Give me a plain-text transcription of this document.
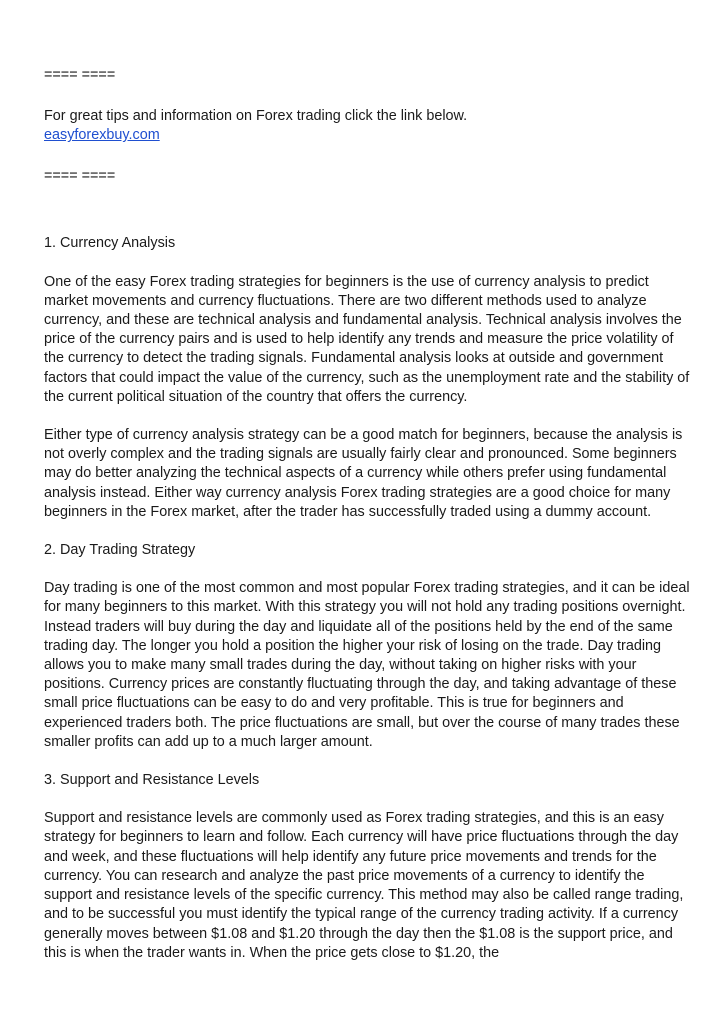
==== ====

For great tips and information on Forex trading click the link below.

easyforexbuy.com

==== ====

1. Currency Analysis

One of the easy Forex trading strategies for beginners is the use of currency analysis to predict market movements and currency fluctuations. There are two different methods used to analyze currency, and these are technical analysis and fundamental analysis. Technical analysis involves the price of the currency pairs and is used to help identify any trends and measure the price volatility of the currency to detect the trading signals. Fundamental analysis looks at outside and government factors that could impact the value of the currency, such as the unemployment rate and the stability of the current political situation of the country that offers the currency.

Either type of currency analysis strategy can be a good match for beginners, because the analysis is not overly complex and the trading signals are usually fairly clear and pronounced. Some beginners may do better analyzing the technical aspects of a currency while others prefer using fundamental analysis instead. Either way currency analysis Forex trading strategies are a good choice for many beginners in the Forex market, after the trader has successfully traded using a dummy account.

2. Day Trading Strategy

Day trading is one of the most common and most popular Forex trading strategies, and it can be ideal for many beginners to this market. With this strategy you will not hold any trading positions overnight. Instead traders will buy during the day and liquidate all of the positions held by the end of the same trading day. The longer you hold a position the higher your risk of losing on the trade. Day trading allows you to make many small trades during the day, without taking on higher risks with your positions. Currency prices are constantly fluctuating through the day, and taking advantage of these small price fluctuations can be easy to do and very profitable. This is true for beginners and experienced traders both. The price fluctuations are small, but over the course of many trades these smaller profits can add up to a much larger amount.

3. Support and Resistance Levels

Support and resistance levels are commonly used as Forex trading strategies, and this is an easy strategy for beginners to learn and follow. Each currency will have price fluctuations through the day and week, and these fluctuations will help identify any future price movements and trends for the currency. You can research and analyze the past price movements of a currency to identify the support and resistance levels of the specific currency. This method may also be called range trading, and to be successful you must identify the typical range of the currency trading activity. If a currency generally moves between $1.08 and $1.20 through the day then the $1.08 is the support price, and this is when the trader wants in. When the price gets close to $1.20, the
